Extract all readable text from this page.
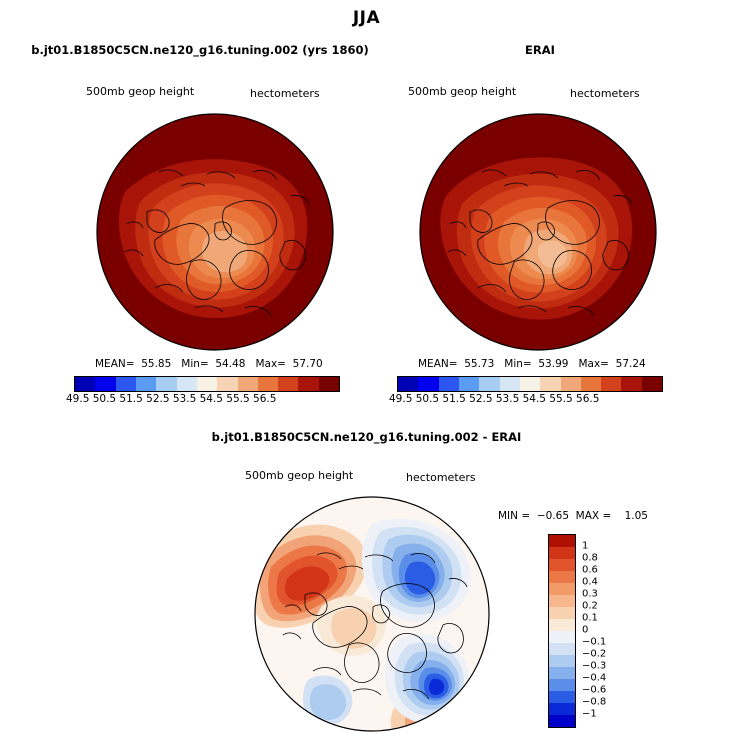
JJA
b.jt01.B1850C5CN.ne120_g16.tuning.002 (yrs 1860)
500mb geop height	hectometers
MEAN=  55.85   Min=  54.48   Max=  57.70
49.5 50.5 51.5 52.5 53.5 54.5 55.5 56.5
ERAI
500mb geop height	hectometers
MEAN=  55.73   Min=  53.99   Max=  57.24
49.5 50.5 51.5 52.5 53.5 54.5 55.5 56.5
b.jt01.B1850C5CN.ne120_g16.tuning.002 - ERAI
500mb geop height	hectometers
MIN =  −0.65  MAX =    1.05
1
0.8
0.6
0.4
0.3
0.2
0.1
0
−0.1
−0.2
−0.3
−0.4
−0.6
−0.8
−1
